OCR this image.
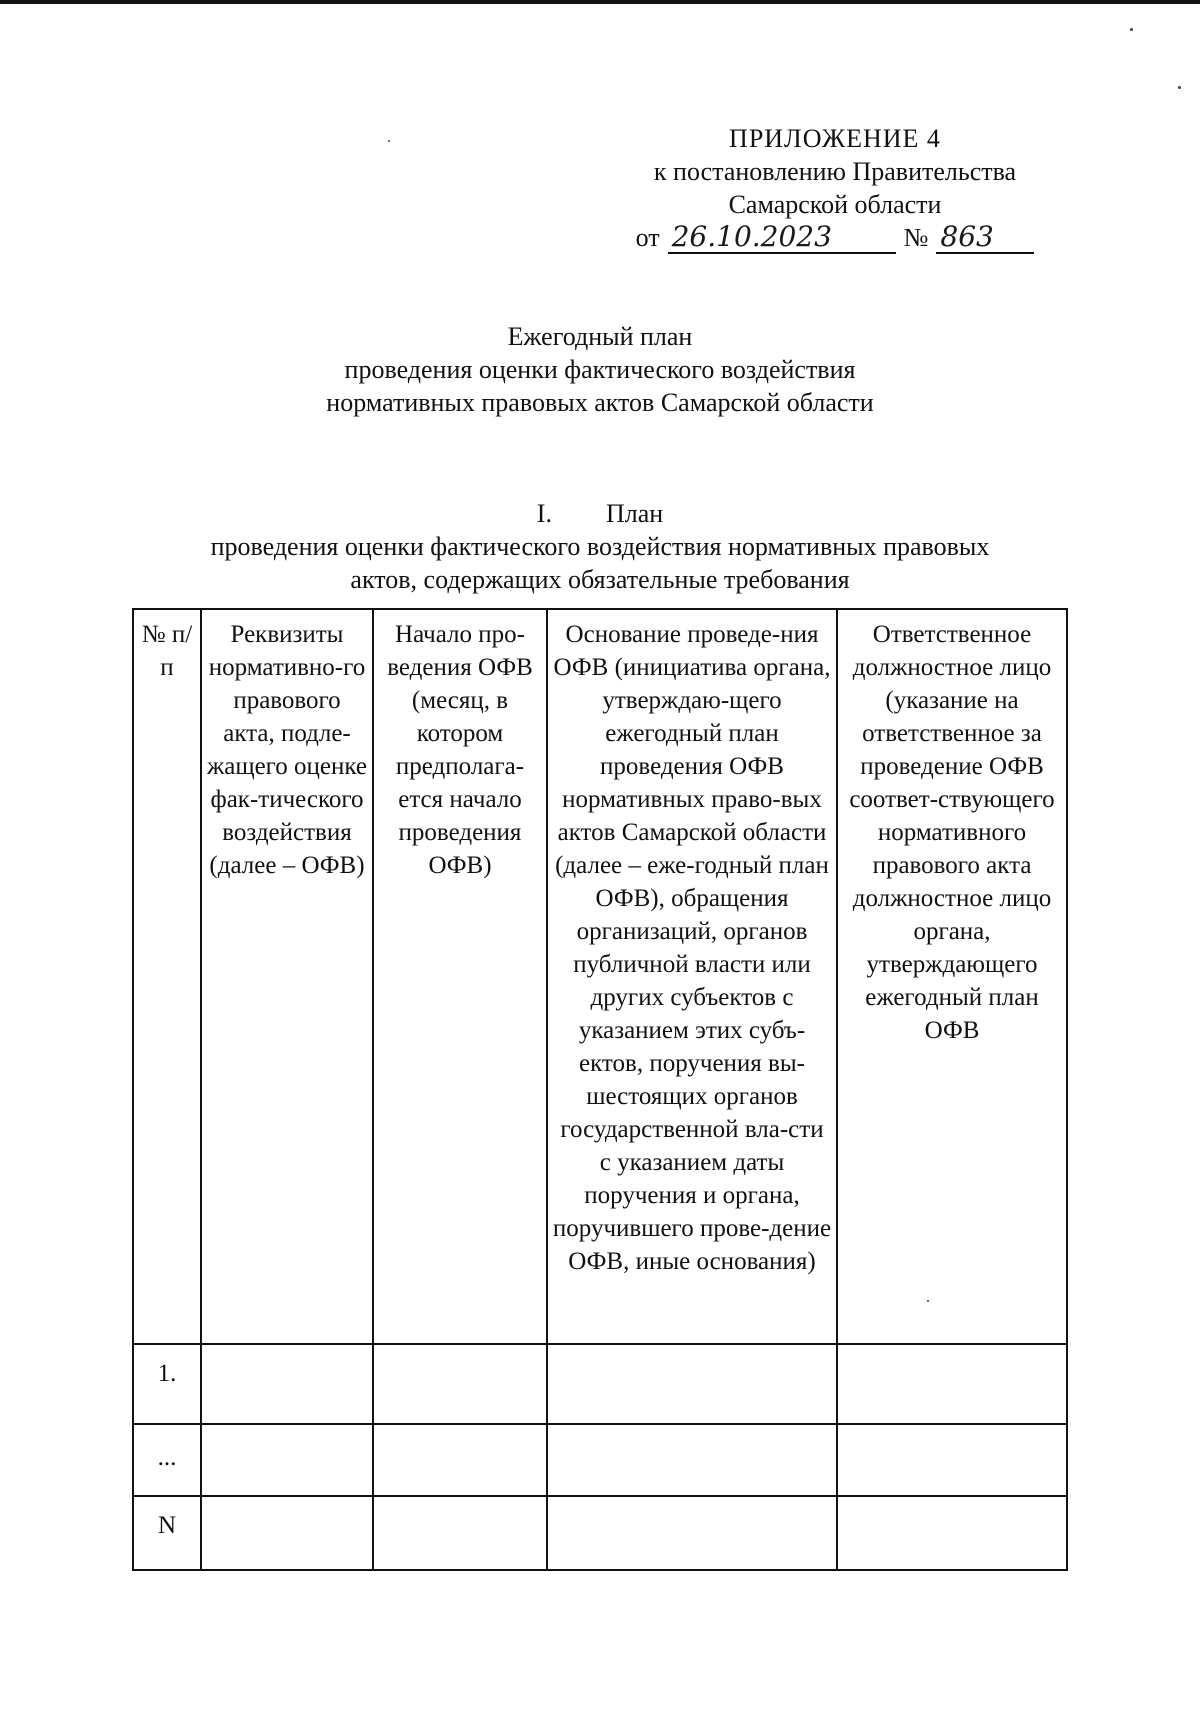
ПРИЛОЖЕНИЕ 4
к постановлению Правительства
Самарской области
от 26.10.2023	№ 863
Ежегодный план
проведения оценки фактического воздействия
нормативных правовых актов Самарской области
I. План
проведения оценки фактического воздействия нормативных правовых
актов, содержащих обязательные требования
№ п/п	Реквизиты нормативно-го правового акта, подле-жащего оценке фак-тического воздействия (далее – ОФВ)	Начало про-ведения ОФВ (месяц, в котором предполага-ется начало проведения ОФВ)	Основание проведе-ния ОФВ (инициатива органа, утверждаю-щего ежегодный план проведения ОФВ нормативных право-вых актов Самарской области (далее – еже-годный план ОФВ), обращения организаций, органов публичной власти или других субъектов с указанием этих субъ-ектов, поручения вы-шестоящих органов государственной вла-сти с указанием даты поручения и органа, поручившего прове-дение ОФВ, иные основания)	Ответственное должностное лицо (указание на ответственное за проведение ОФВ соответ-ствующего нормативного правового акта должностное лицо органа, утверждающего ежегодный план ОФВ
1.				
...				
N				
